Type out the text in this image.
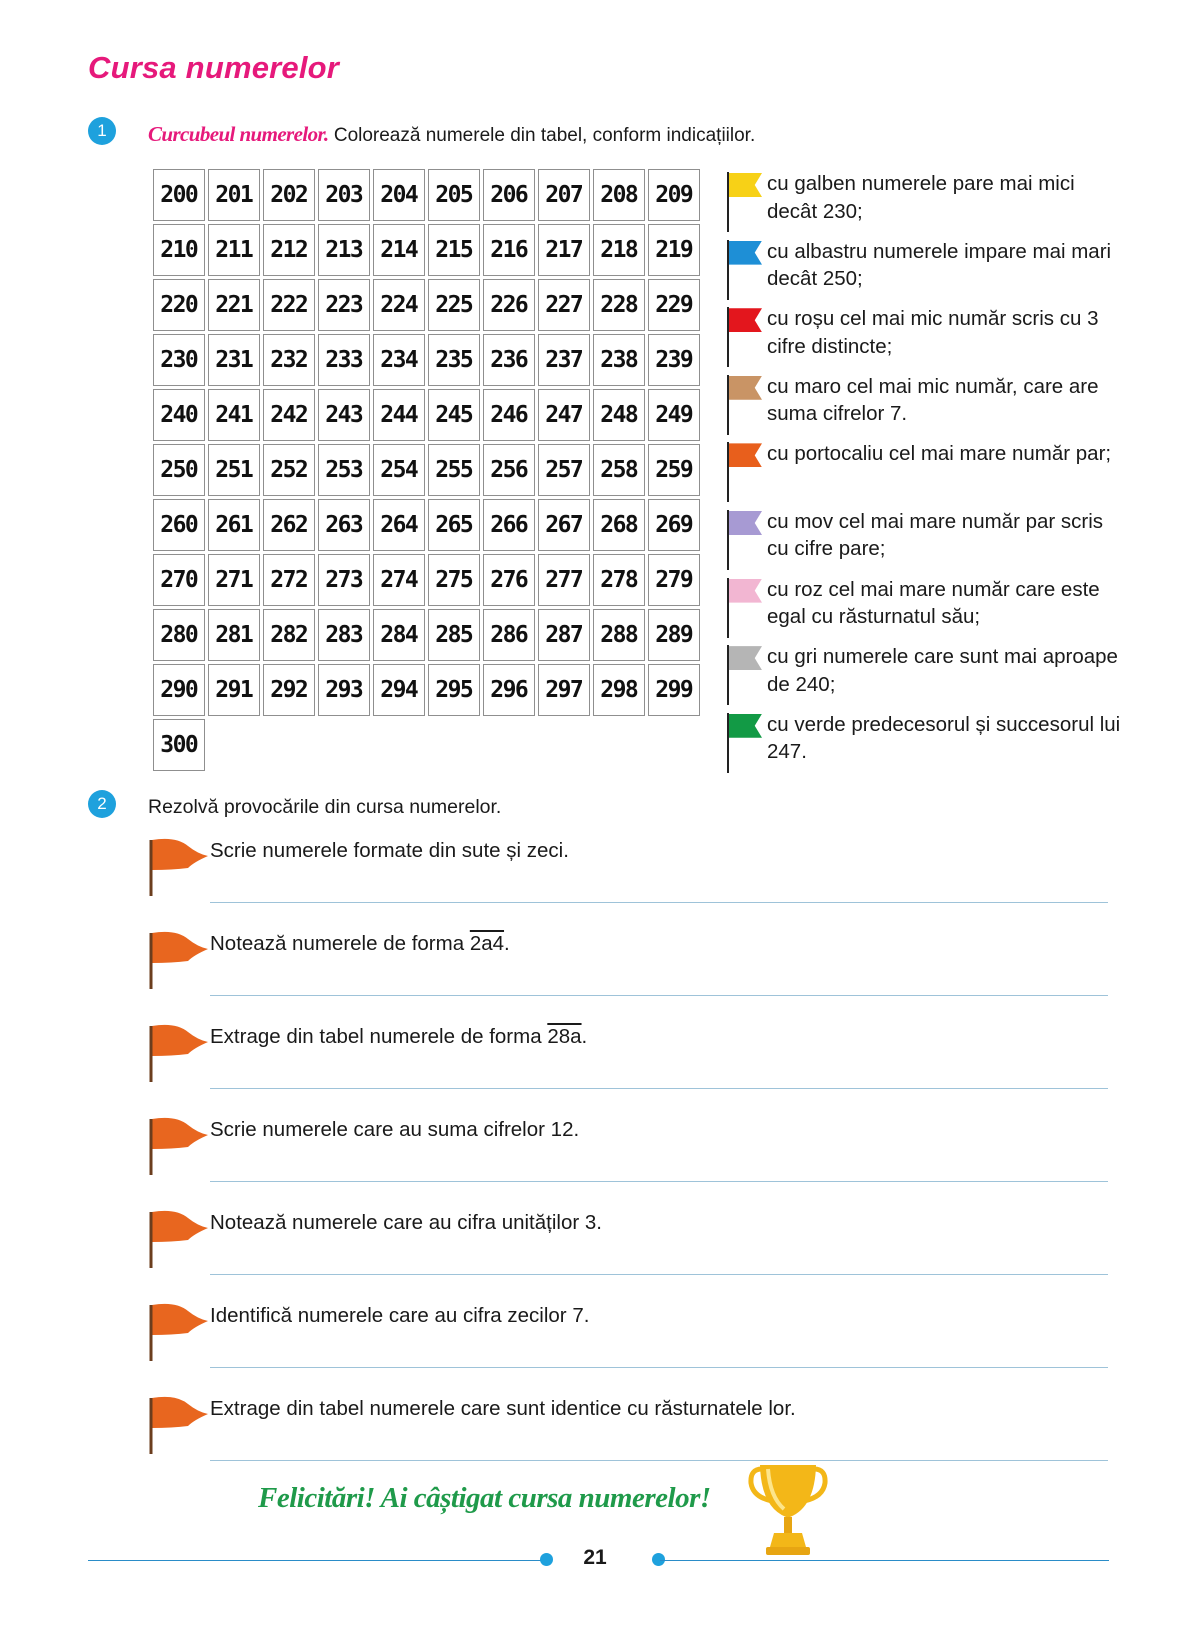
Cursa numerelor
1	Curcubeul numerelor. Colorează numerele din tabel, conform indicațiilor.
200 201 202 203 204 205 206 207 208 209
210 211 212 213 214 215 216 217 218 219
220 221 222 223 224 225 226 227 228 229
230 231 232 233 234 235 236 237 238 239
240 241 242 243 244 245 246 247 248 249
250 251 252 253 254 255 256 257 258 259
260 261 262 263 264 265 266 267 268 269
270 271 272 273 274 275 276 277 278 279
280 281 282 283 284 285 286 287 288 289
290 291 292 293 294 295 296 297 298 299
300
cu galben numerele pare mai mici decât 230;
cu albastru numerele impare mai mari decât 250;
cu roșu cel mai mic număr scris cu 3 cifre distincte;
cu maro cel mai mic număr, care are suma cifrelor 7.
cu portocaliu cel mai mare număr par;
cu mov cel mai mare număr par scris cu cifre pare;
cu roz cel mai mare număr care este egal cu răsturnatul său;
cu gri numerele care sunt mai aproape de 240;
cu verde predecesorul și succesorul lui 247.
2	Rezolvă provocările din cursa numerelor.
Scrie numerele formate din sute și zeci.
Notează numerele de forma 2a4.
Extrage din tabel numerele de forma 28a.
Scrie numerele care au suma cifrelor 12.
Notează numerele care au cifra unităților 3.
Identifică numerele care au cifra zecilor 7.
Extrage din tabel numerele care sunt identice cu răsturnatele lor.
Felicitări! Ai câștigat cursa numerelor!
21
